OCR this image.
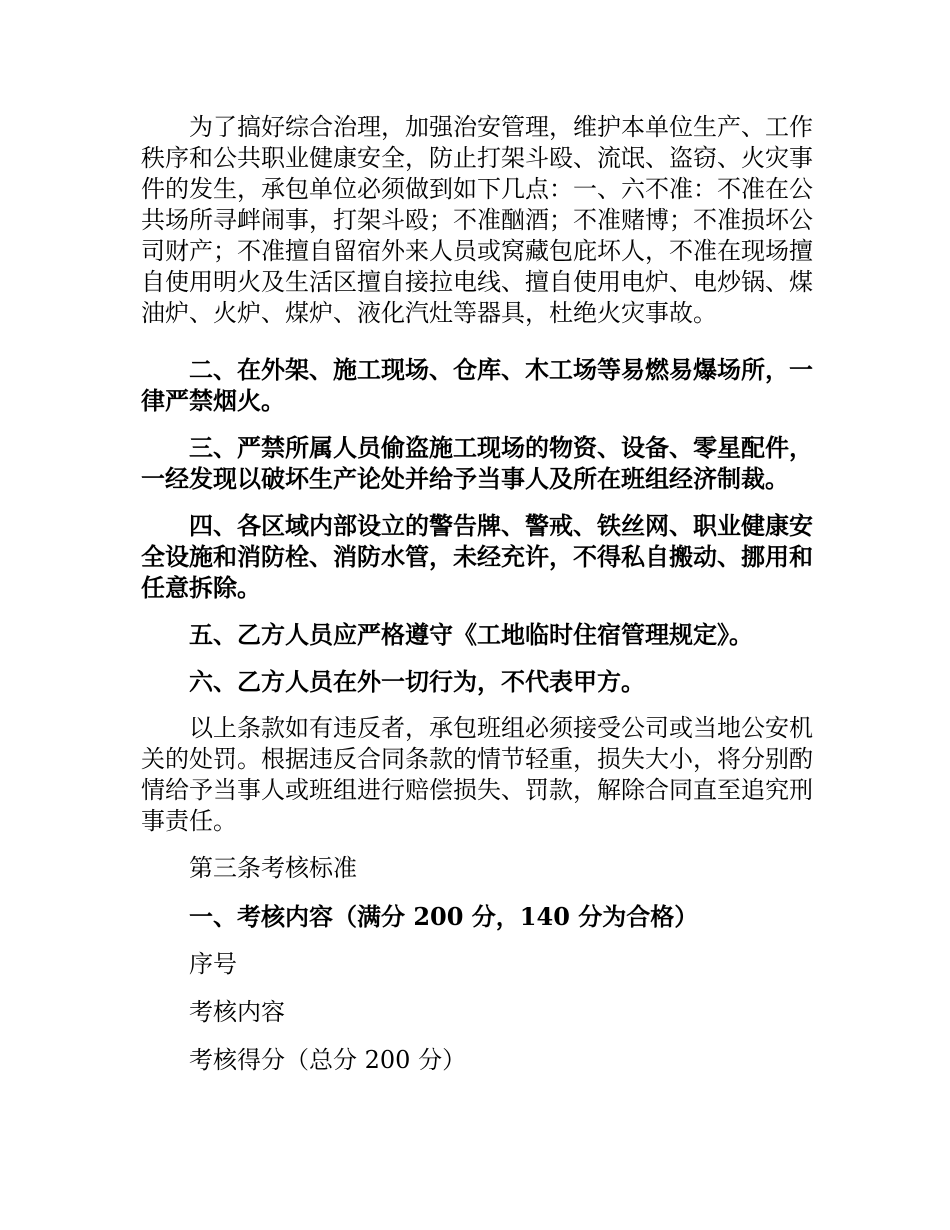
为了搞好综合治理，加强治安管理，维护本单位生产、工作秩序和公共职业健康安全，防止打架斗殴、流氓、盗窃、火灾事件的发生，承包单位必须做到如下几点：一、六不准：不准在公共场所寻衅闹事，打架斗殴；不准酗酒；不准赌博；不准损坏公司财产；不准擅自留宿外来人员或窝藏包庇坏人，不准在现场擅自使用明火及生活区擅自接拉电线、擅自使用电炉、电炒锅、煤油炉、火炉、煤炉、液化汽灶等器具，杜绝火灾事故。

二、在外架、施工现场、仓库、木工场等易燃易爆场所，一律严禁烟火。

三、严禁所属人员偷盗施工现场的物资、设备、零星配件，一经发现以破坏生产论处并给予当事人及所在班组经济制裁。

四、各区域内部设立的警告牌、警戒、铁丝网、职业健康安全设施和消防栓、消防水管，未经充许，不得私自搬动、挪用和任意拆除。

五、乙方人员应严格遵守《工地临时住宿管理规定》。

六、乙方人员在外一切行为，不代表甲方。

以上条款如有违反者，承包班组必须接受公司或当地公安机关的处罚。根据违反合同条款的情节轻重，损失大小，将分别酌情给予当事人或班组进行赔偿损失、罚款，解除合同直至追究刑事责任。

第三条考核标准

一、考核内容（满分 200 分，140 分为合格）

序号

考核内容

考核得分（总分 200 分）
